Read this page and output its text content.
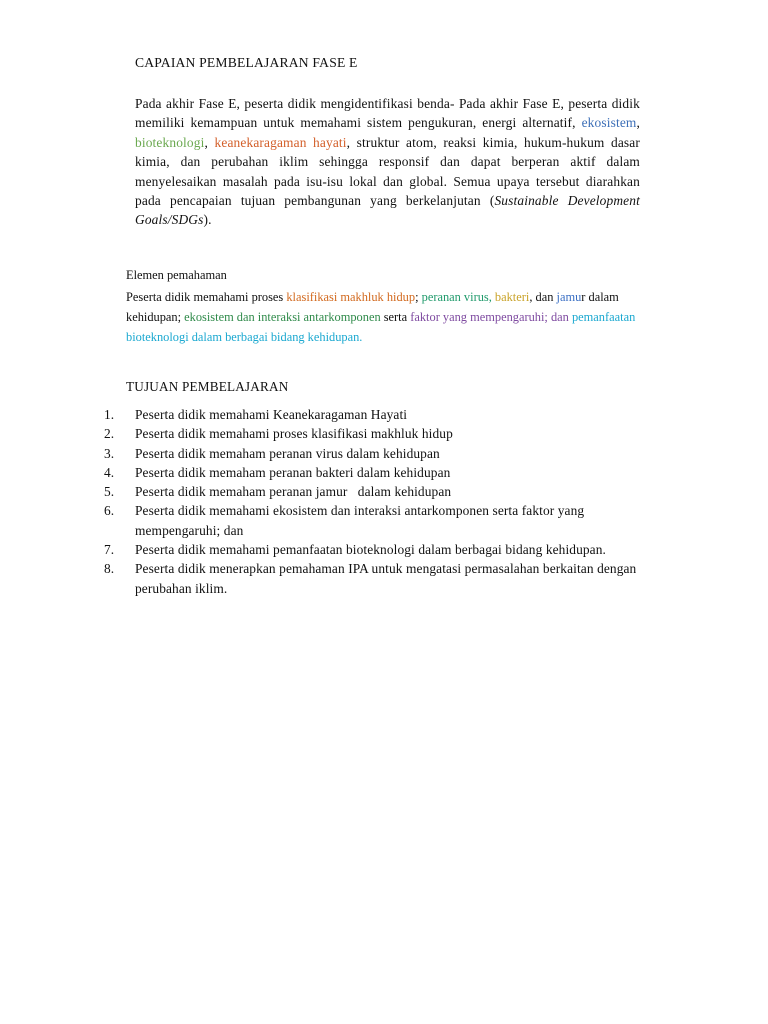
CAPAIAN PEMBELAJARAN FASE E

Pada akhir Fase E, peserta didik mengidentifikasi benda- Pada akhir Fase E, peserta didik memiliki kemampuan untuk memahami sistem pengukuran, energi alternatif, ekosistem, bioteknologi, keanekaragaman hayati, struktur atom, reaksi kimia, hukum-hukum dasar kimia, dan perubahan iklim sehingga responsif dan dapat berperan aktif dalam menyelesaikan masalah pada isu-isu lokal dan global. Semua upaya tersebut diarahkan pada pencapaian tujuan pembangunan yang berkelanjutan (Sustainable Development Goals/SDGs).

Elemen pemahaman
Peserta didik memahami proses klasifikasi makhluk hidup; peranan virus, bakteri, dan jamur dalam kehidupan; ekosistem dan interaksi antarkomponen serta faktor yang mempengaruhi; dan pemanfaatan bioteknologi dalam berbagai bidang kehidupan.
TUJUAN PEMBELAJARAN
1. Peserta didik memahami Keanekaragaman Hayati
2. Peserta didik memahami proses klasifikasi makhluk hidup
3. Peserta didik memaham peranan virus dalam kehidupan
4. Peserta didik memaham peranan bakteri dalam kehidupan
5. Peserta didik memaham peranan jamur   dalam kehidupan
6. Peserta didik memahami ekosistem dan interaksi antarkomponen serta faktor yang mempengaruhi; dan
7. Peserta didik memahami pemanfaatan bioteknologi dalam berbagai bidang kehidupan.
8. Peserta didik menerapkan pemahaman IPA untuk mengatasi permasalahan berkaitan dengan perubahan iklim.
